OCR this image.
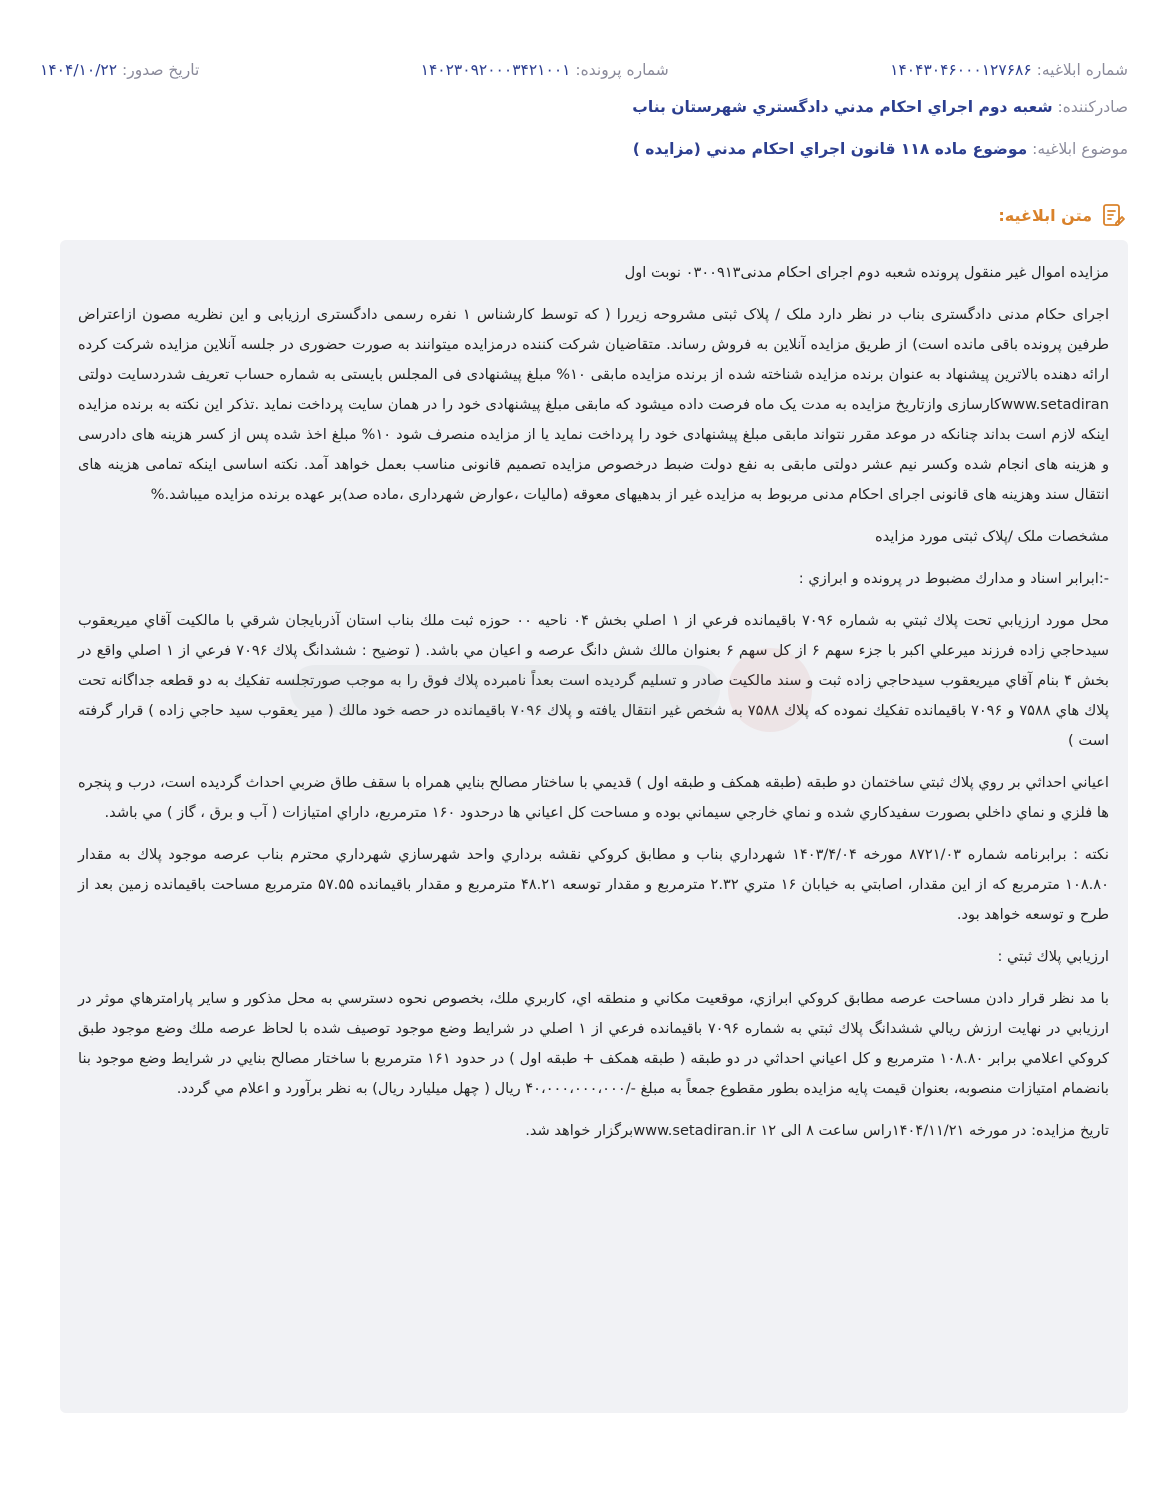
شماره ابلاغیه: ۱۴۰۴۳۰۴۶۰۰۰۱۲۷۶۸۶
شماره پرونده: ۱۴۰۲۳۰۹۲۰۰۰۳۴۲۱۰۰۱
تاریخ صدور: ۱۴۰۴/۱۰/۲۲
صادرکننده: شعبه دوم اجراي احكام مدني دادگستري شهرستان بناب
موضوع ابلاغیه: موضوع ماده ۱۱۸ قانون اجراي احكام مدني (مزايده )
متن ابلاغیه:

مزایده اموال غیر منقول پرونده شعبه دوم اجرای احکام مدنی۰۳۰۰۹۱۳ نوبت اول

اجرای حکام مدنی دادگستری بناب در نظر دارد ملک / پلاک ثبتی مشروحه زیررا ( که توسط کارشناس ۱ نفره رسمی دادگستری ارزیابی و این نظریه مصون ازاعتراض طرفین پرونده باقی مانده است) از طریق مزایده آنلاین به فروش رساند. متقاضیان شرکت کننده درمزایده میتوانند به صورت حضوری در جلسه آنلاین مزایده شرکت کرده ارائه دهنده بالاترین پیشنهاد به عنوان برنده مزایده شناخته شده از برنده مزایده مابقی ۱۰% مبلغ پیشنهادی فی المجلس بایستی به شماره حساب تعریف شدردسایت دولتی www.setadiranکارسازی وازتاریخ مزایده به مدت یک ماه فرصت داده میشود که مابقی مبلغ پیشنهادی خود را در همان سایت پرداخت نماید .تذکر این نکته به برنده مزایده اینکه لازم است بداند چنانکه در موعد مقرر نتواند مابقی مبلغ پیشنهادی خود را پرداخت نماید یا از مزایده منصرف شود ۱۰% مبلغ اخذ شده پس از کسر هزینه های دادرسی و هزینه های انجام شده وکسر نیم عشر دولتی مابقی به نفع دولت ضبط درخصوص مزایده تصمیم قانونی مناسب بعمل خواهد آمد. نکته اساسی اینکه تمامی هزینه های انتقال سند وهزینه های قانونی اجرای احکام مدنی مربوط به مزایده غیر از بدهیهای معوقه (مالیات ،عوارض شهرداری ،ماده صد)بر عهده برنده مزایده میباشد.%

مشخصات ملک /پلاک ثبتی مورد مزایده

-:ابرابر اسناد و مدارك مضبوط در پرونده و ابرازي :

محل مورد ارزيابي تحت پلاك ثبتي به شماره ۷۰۹۶ باقيمانده فرعي از ۱ اصلي بخش ۰۴ ناحيه ۰۰ حوزه ثبت ملك بناب استان آذربايجان شرقي با مالكيت آقاي ميريعقوب سيدحاجي زاده فرزند ميرعلي اكبر با جزء سهم ۶ از كل سهم ۶ بعنوان مالك شش دانگ عرصه و اعيان مي باشد. ( توضيح : ششدانگ پلاك ۷۰۹۶ فرعي از ۱ اصلي واقع در بخش ۴ بنام آقاي ميريعقوب سيدحاجي زاده ثبت و سند مالكيت صادر و تسليم گرديده است بعداً نامبرده پلاك فوق را به موجب صورتجلسه تفكيك به دو قطعه جداگانه تحت پلاك هاي ۷۵۸۸ و ۷۰۹۶ باقيمانده تفكيك نموده كه پلاك ۷۵۸۸ به شخص غير انتقال يافته و پلاك ۷۰۹۶ باقيمانده در حصه خود مالك ( مير يعقوب سيد حاجي زاده ) قرار گرفته است )

اعياني احداثي بر روي پلاك ثبتي ساختمان دو طبقه (طبقه همكف و طبقه اول ) قديمي با ساختار مصالح بنايي همراه با سقف طاق ضربي احداث گرديده است، درب و پنجره ها فلزي و نماي داخلي بصورت سفيدكاري شده و نماي خارجي سيماني بوده و مساحت كل اعياني ها درحدود ۱۶۰ مترمربع، داراي امتيازات ( آب و برق ، گاز ) مي باشد.

نكته : برابرنامه شماره ۸۷۲۱/۰۳ مورخه ۱۴۰۳/۴/۰۴ شهرداري بناب و مطابق كروكي نقشه برداري واحد شهرسازي شهرداري محترم بناب عرصه موجود پلاك به مقدار ۱۰۸.۸۰ مترمربع كه از اين مقدار، اصابتي به خيابان ۱۶ متري ۲.۳۲ مترمربع و مقدار توسعه ۴۸.۲۱ مترمربع و مقدار باقيمانده ۵۷.۵۵ مترمربع مساحت باقيمانده زمين بعد از طرح و توسعه خواهد بود.

ارزيابي پلاك ثبتي :

با مد نظر قرار دادن مساحت عرصه مطابق كروكي ابرازي، موقعيت مكاني و منطقه اي، كاربري ملك، بخصوص نحوه دسترسي به محل مذكور و ساير پارامترهاي موثر در ارزيابي در نهايت ارزش ريالي ششدانگ پلاك ثبتي به شماره ۷۰۹۶ باقيمانده فرعي از ۱ اصلي در شرايط وضع موجود توصيف شده با لحاظ عرصه ملك وضع موجود طبق كروكي اعلامي برابر ۱۰۸.۸۰ مترمربع و كل اعياني احداثي در دو طبقه ( طبقه همكف + طبقه اول ) در حدود ۱۶۱ مترمربع با ساختار مصالح بنايي در شرايط وضع موجود بنا بانضمام امتيازات منصوبه، بعنوان قيمت پايه مزايده بطور مقطوع جمعاً به مبلغ -/۴۰،۰۰۰،۰۰۰،۰۰۰ ريال ( چهل ميليارد ريال) به نظر برآورد و اعلام مي گردد.

تاریخ مزایده: در مورخه ۱۴۰۴/۱۱/۲۱راس ساعت ۸ الی ۱۲ www.setadiran.irبرگزار خواهد شد.
